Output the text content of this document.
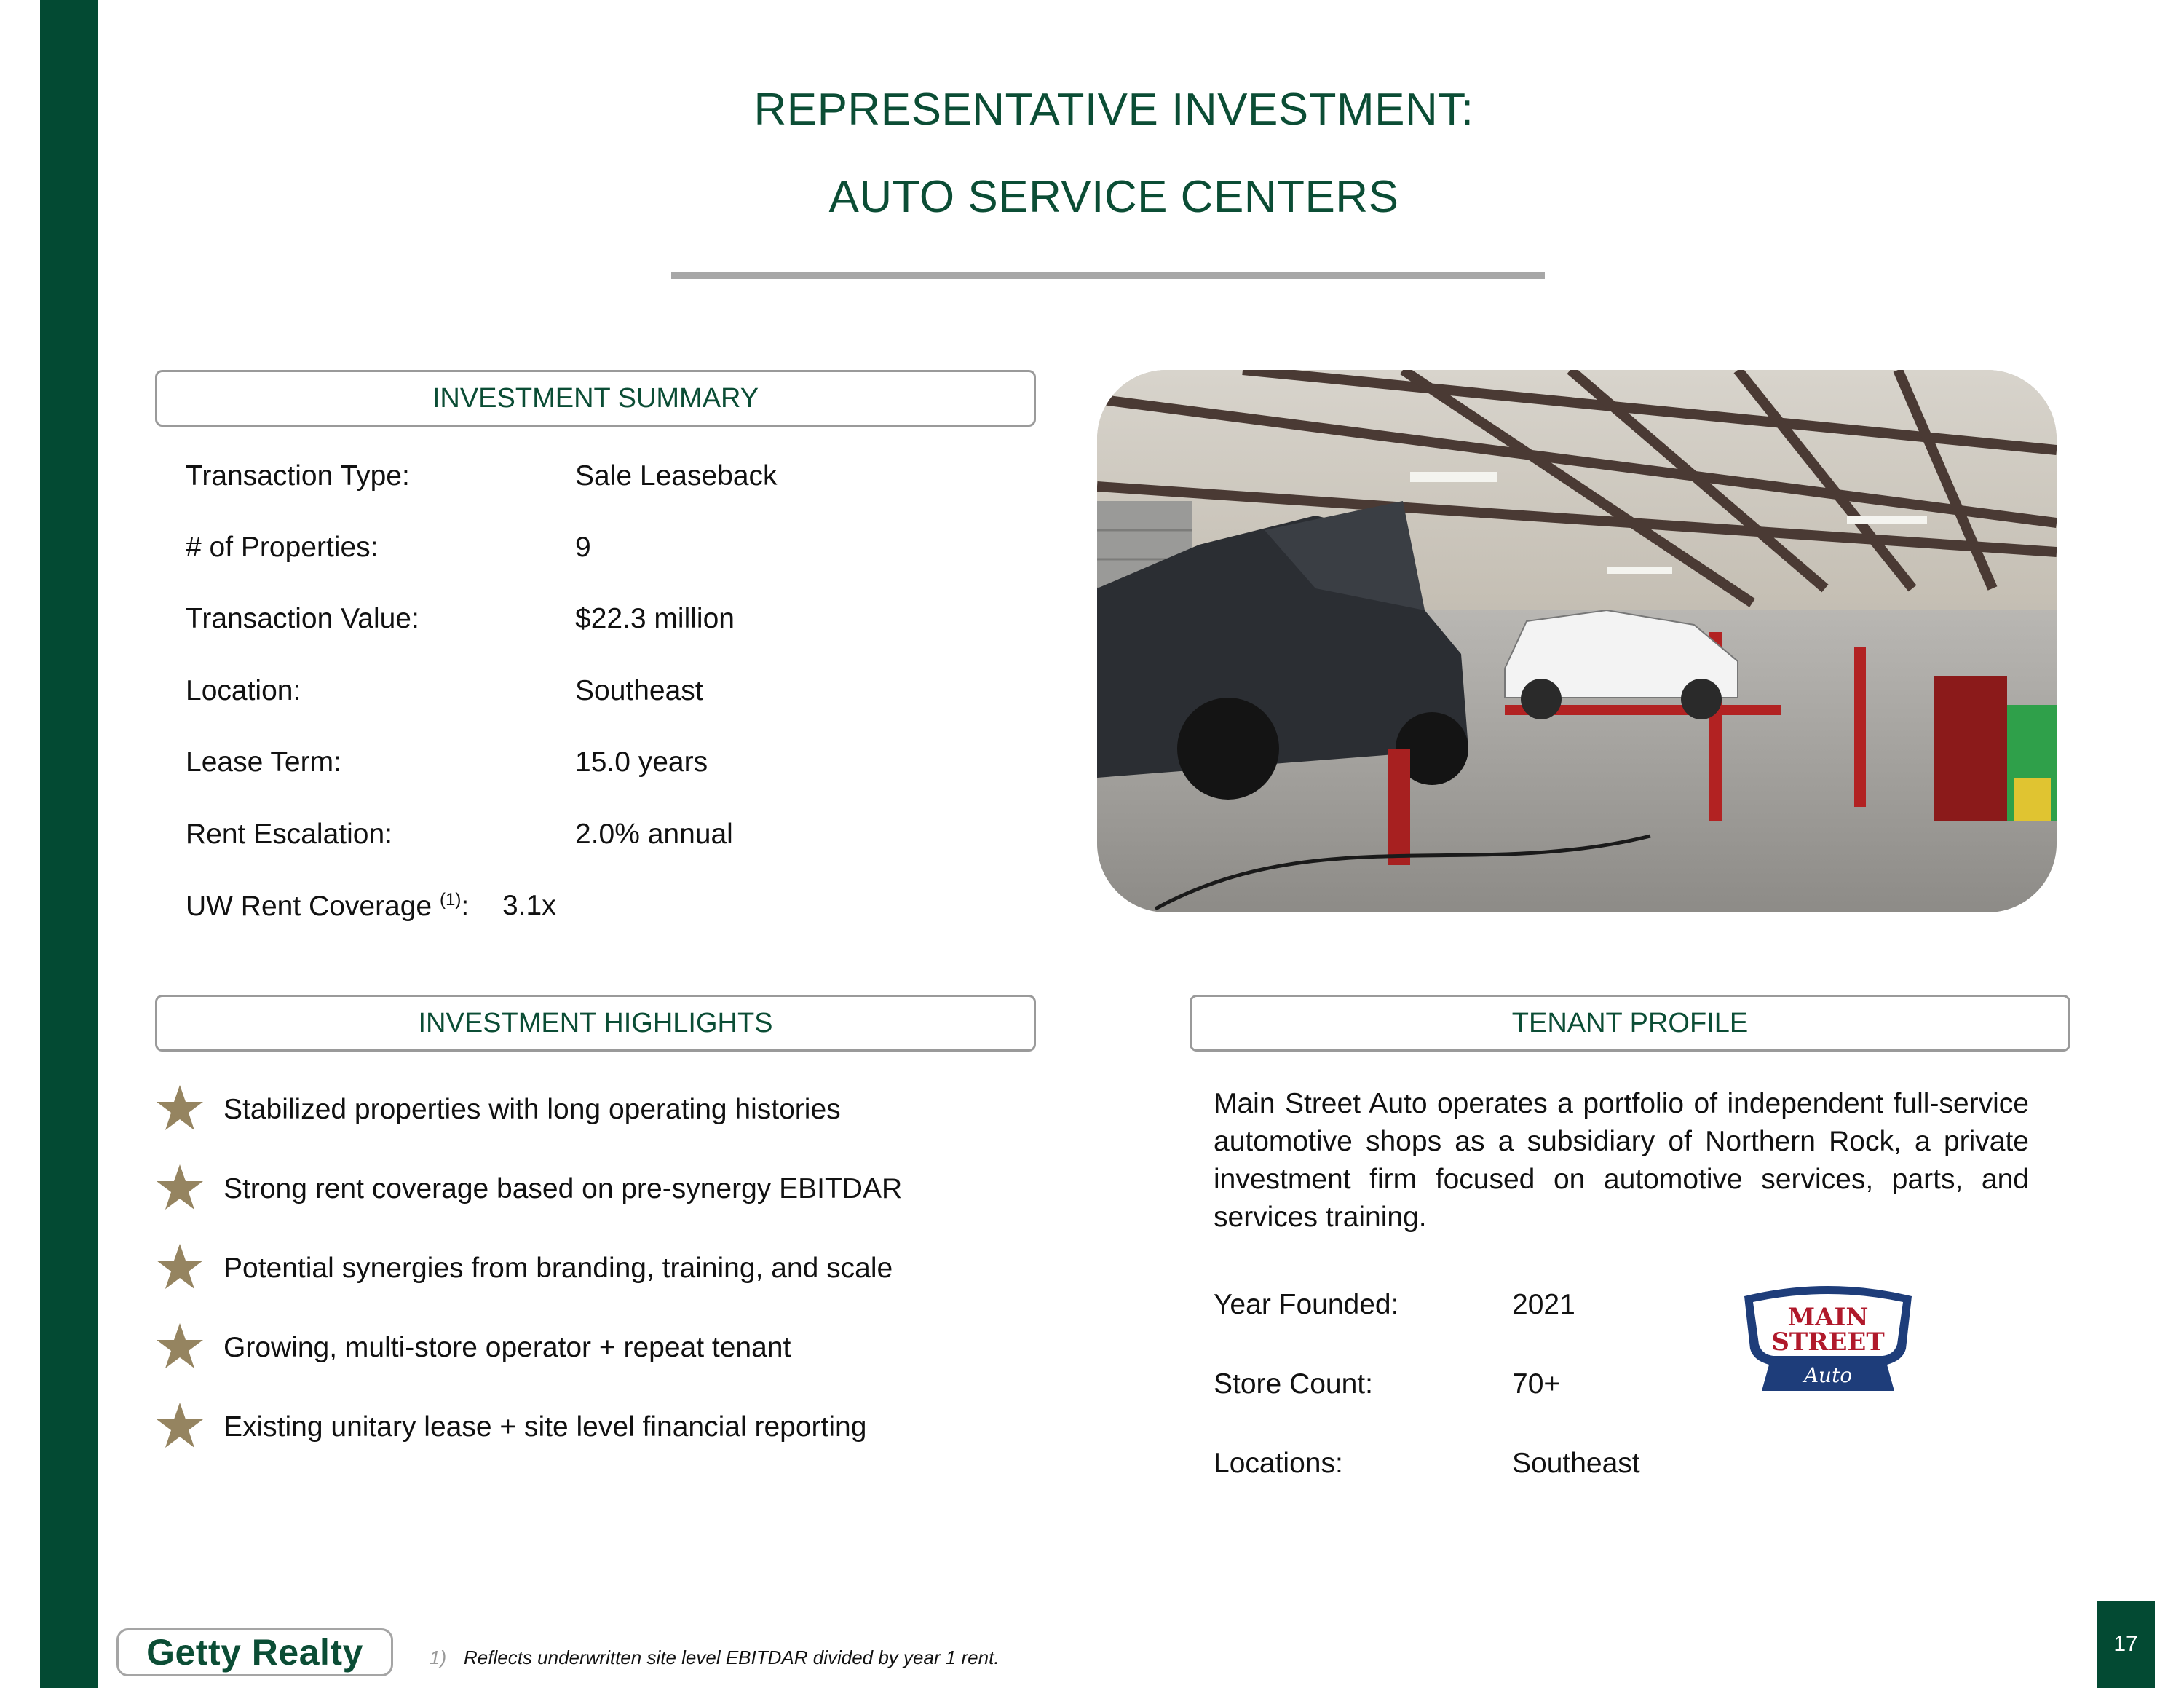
REPRESENTATIVE INVESTMENT:
AUTO SERVICE CENTERS
INVESTMENT SUMMARY
Transaction Type:	Sale Leaseback
# of Properties:	9
Transaction Value:	$22.3 million
Location:	Southeast
Lease Term:	15.0 years
Rent Escalation:	2.0% annual
UW Rent Coverage $^{(1)}$: 3.1x
INVESTMENT HIGHLIGHTS
Stabilized properties with long operating histories
Strong rent coverage based on pre-synergy EBITDAR
Potential synergies from branding, training, and scale
Growing, multi-store operator + repeat tenant
Existing unitary lease + site level financial reporting
TENANT PROFILE
Main Street Auto operates a portfolio of independent full-service automotive shops as a subsidiary of Northern Rock, a private investment firm focused on automotive services, parts, and services training.
Year Founded:	2021
Store Count:	70+
Locations:	Southeast
MAIN
STREET
Auto
Getty Realty	1) Reflects underwritten site level EBITDAR divided by year 1 rent.
17
